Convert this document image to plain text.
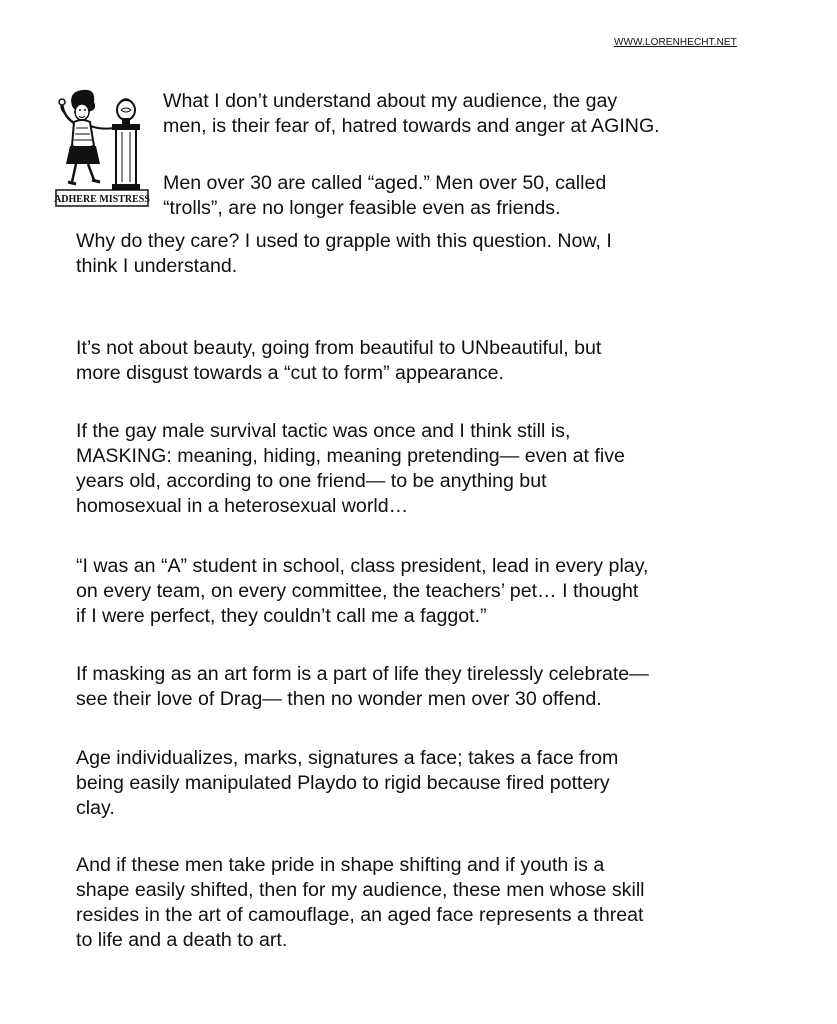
WWW.LORENHECHT.NET
ADHERE MISTRESS

What I don’t understand about my audience, the gay
men, is their fear of, hatred towards and anger at AGING.

Men over 30 are called “aged.” Men over 50, called
“trolls”, are no longer feasible even as friends.

Why do they care? I used to grapple with this question. Now, I
think I understand.

It’s not about beauty, going from beautiful to UNbeautiful, but
more disgust towards a “cut to form” appearance.

If the gay male survival tactic was once and I think still is,
MASKING: meaning, hiding, meaning pretending— even at five
years old, according to one friend— to be anything but
homosexual in a heterosexual world…

“I was an “A” student in school, class president, lead in every play,
on every team, on every committee, the teachers’ pet… I thought
if I were perfect, they couldn’t call me a faggot.”

If masking as an art form is a part of life they tirelessly celebrate—
see their love of Drag— then no wonder men over 30 offend.

Age individualizes, marks, signatures a face; takes a face from
being easily manipulated Playdo to rigid because fired pottery
clay.

And if these men take pride in shape shifting and if youth is a
shape easily shifted, then for my audience, these men whose skill
resides in the art of camouflage, an aged face represents a threat
to life and a death to art.
